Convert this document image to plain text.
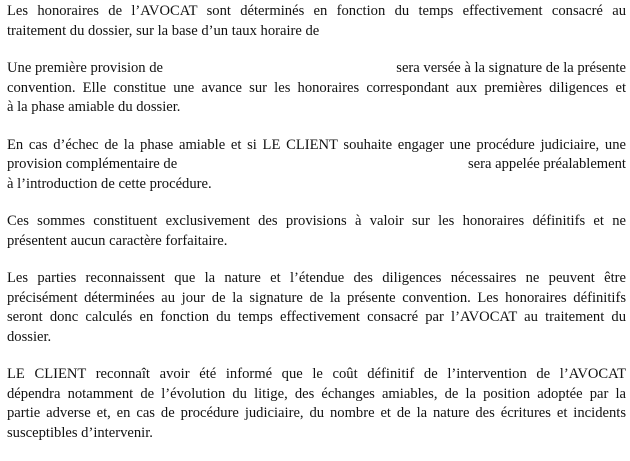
Les honoraires de l’AVOCAT sont déterminés en fonction du temps effectivement consacré au
traitement du dossier, sur la base d’un taux horaire de

Une première provision de	sera versée à la signature de la présente
convention. Elle constitue une avance sur les honoraires correspondant aux premières diligences et
à la phase amiable du dossier.

En cas d’échec de la phase amiable et si LE CLIENT souhaite engager une procédure judiciaire, une
provision complémentaire de	sera appelée préalablement
à l’introduction de cette procédure.

Ces sommes constituent exclusivement des provisions à valoir sur les honoraires définitifs et ne
présentent aucun caractère forfaitaire.

Les parties reconnaissent que la nature et l’étendue des diligences nécessaires ne peuvent être
précisément déterminées au jour de la signature de la présente convention. Les honoraires définitifs
seront donc calculés en fonction du temps effectivement consacré par l’AVOCAT au traitement du
dossier.

LE CLIENT reconnaît avoir été informé que le coût définitif de l’intervention de l’AVOCAT
dépendra notamment de l’évolution du litige, des échanges amiables, de la position adoptée par la
partie adverse et, en cas de procédure judiciaire, du nombre et de la nature des écritures et incidents
susceptibles d’intervenir.
